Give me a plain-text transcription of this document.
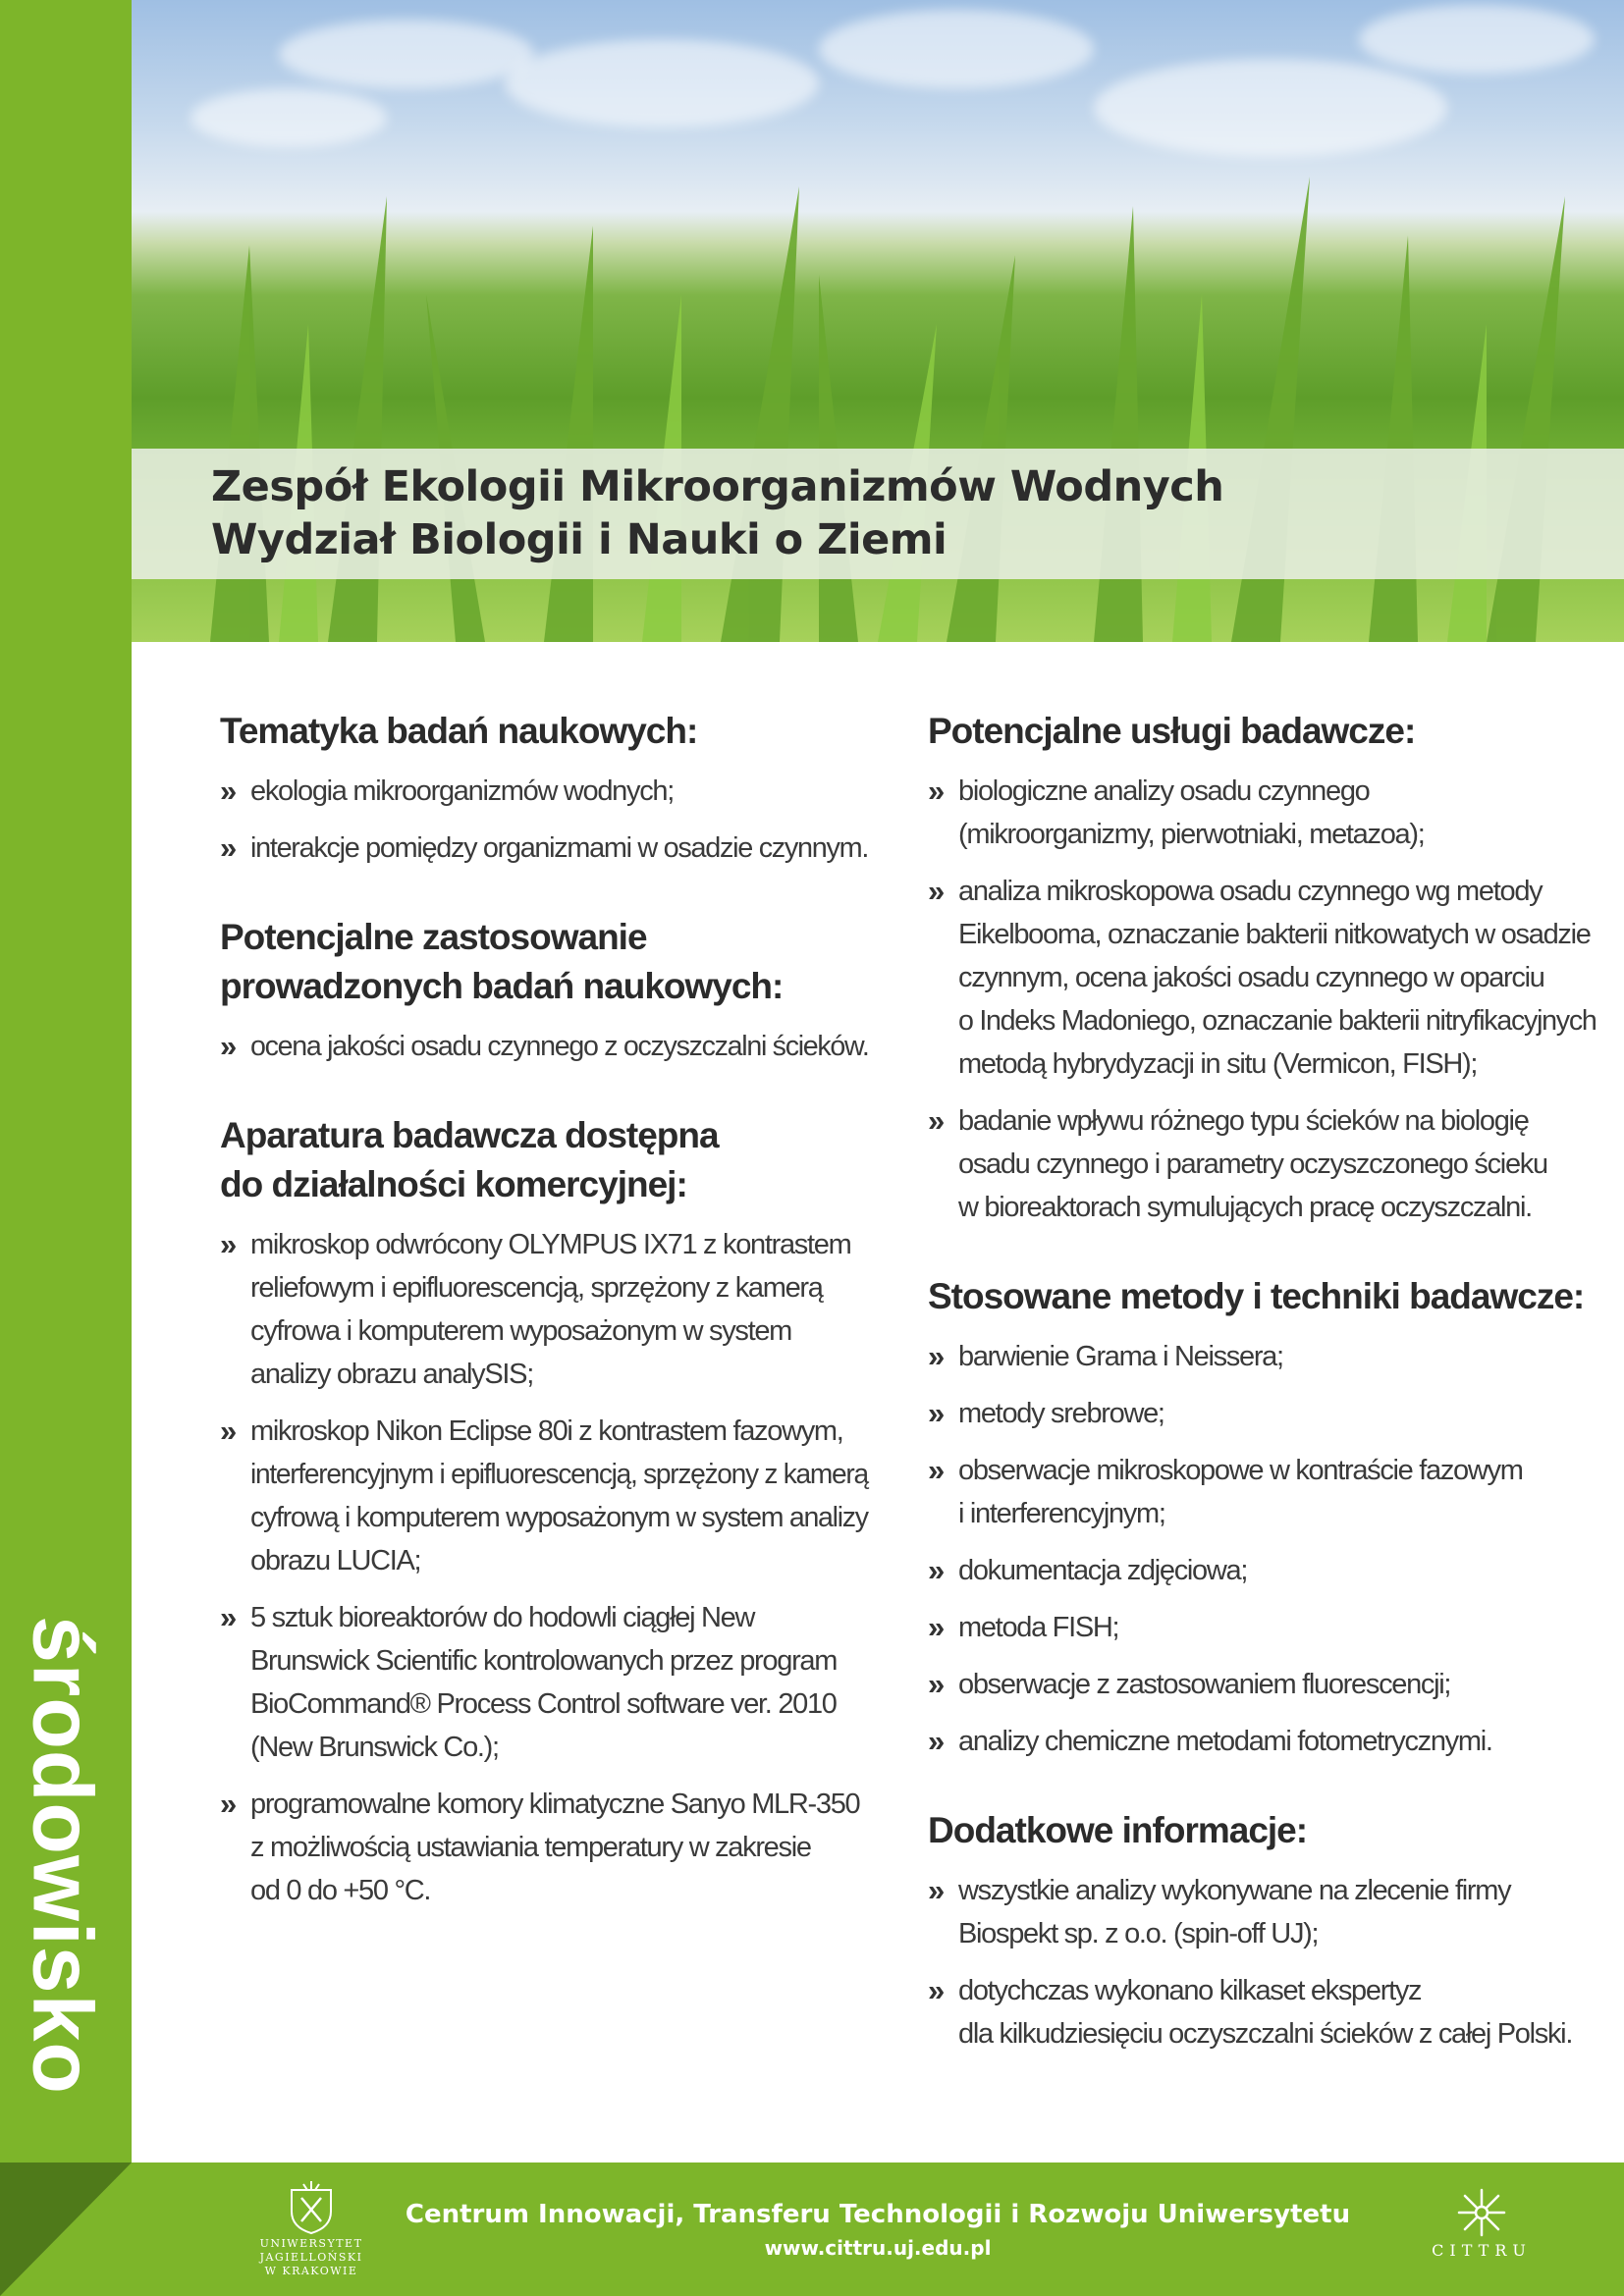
środowisko
Zespół Ekologii Mikroorganizmów Wodnych
Wydział Biologii i Nauki o Ziemi
Tematyka badań naukowych:
» ekologia mikroorganizmów wodnych;
» interakcje pomiędzy organizmami w osadzie czynnym.
Potencjalne zastosowanie
prowadzonych badań naukowych:
» ocena jakości osadu czynnego z oczyszczalni ścieków.
Aparatura badawcza dostępna
do działalności komercyjnej:
» mikroskop odwrócony OLYMPUS IX71 z kontrastem
reliefowym i epifluorescencją, sprzężony z kamerą
cyfrowa i komputerem wyposażonym w system
analizy obrazu analySIS;
» mikroskop Nikon Eclipse 80i z kontrastem fazowym,
interferencyjnym i epifluorescencją, sprzężony z kamerą
cyfrową i komputerem wyposażonym w system analizy
obrazu LUCIA;
» 5 sztuk bioreaktorów do hodowli ciągłej New
Brunswick Scientific kontrolowanych przez program
BioCommand® Process Control software ver. 2010
(New Brunswick Co.);
» programowalne komory klimatyczne Sanyo MLR-350
z możliwością ustawiania temperatury w zakresie
od 0 do +50 °C.
Potencjalne usługi badawcze:
» biologiczne analizy osadu czynnego
(mikroorganizmy, pierwotniaki, metazoa);
» analiza mikroskopowa osadu czynnego wg metody
Eikelbooma, oznaczanie bakterii nitkowatych w osadzie
czynnym, ocena jakości osadu czynnego w oparciu
o Indeks Madoniego, oznaczanie bakterii nitryfikacyjnych
metodą hybrydyzacji in situ (Vermicon, FISH);
» badanie wpływu różnego typu ścieków na biologię
osadu czynnego i parametry oczyszczonego ścieku
w bioreaktorach symulujących pracę oczyszczalni.
Stosowane metody i techniki badawcze:
» barwienie Grama i Neissera;
» metody srebrowe;
» obserwacje mikroskopowe w kontraście fazowym
i interferencyjnym;
» dokumentacja zdjęciowa;
» metoda FISH;
» obserwacje z zastosowaniem fluorescencji;
» analizy chemiczne metodami fotometrycznymi.
Dodatkowe informacje:
» wszystkie analizy wykonywane na zlecenie firmy
Biospekt sp. z o.o. (spin-off UJ);
» dotychczas wykonano kilkaset ekspertyz
dla kilkudziesięciu oczyszczalni ścieków z całej Polski.
UNIWERSYTET JAGIELLOŃSKI
W KRAKOWIE
Centrum Innowacji, Transferu Technologii i Rozwoju Uniwersytetu
www.cittru.uj.edu.pl	CITTRU
